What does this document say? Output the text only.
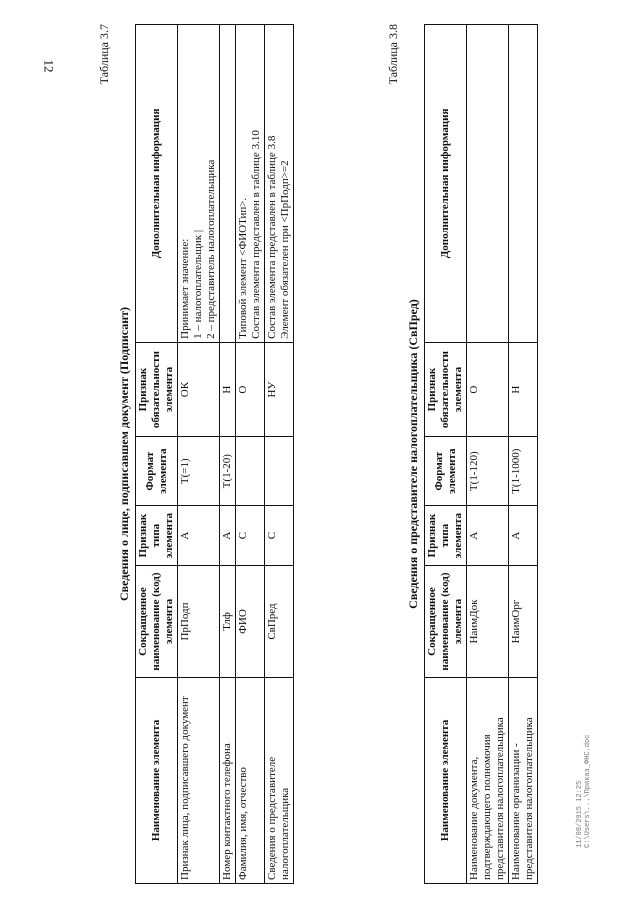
12
11/09/2015 12:25 C:\Users\...\Приказ_ФНС.doc
Таблица 3.7
Сведения о лице, подписавшем документ (Подписант)
Наименование элемента	Сокращенное наименование (код) элемента	Признак типа элемента	Формат элемента	Признак обязательности элемента	Дополнительная информация
Признак лица, подписавшего документ	ПрПодп	А	Т(=1)	ОК	Принимает значение: 1 – налогоплательщик | 2 – представитель налогоплательщика

Номер контактного телефона	Тлф	А	Т(1-20)	Н	

Фамилия, имя, отчество	ФИО	С		О	Типовой элемент <ФИОТип>. Состав элемента представлен в таблице 3.10

Сведения о представителе налогоплательщика	СвПред	С		НУ	Состав элемента представлен в таблице 3.8 Элемент обязателен при <ПрПодп>=2
Таблица 3.8
Сведения о представителе налогоплательщика (СвПред)
Наименование элемента	Сокращенное наименование (код) элемента	Признак типа элемента	Формат элемента	Признак обязательности элемента	Дополнительная информация
Наименование документа, подтверждающего полномочия представителя налогоплательщика	НаимДок	А	Т(1-120)	О	

Наименование организации - представителя налогоплательщика	НаимОрг	А	Т(1-1000)	Н	
